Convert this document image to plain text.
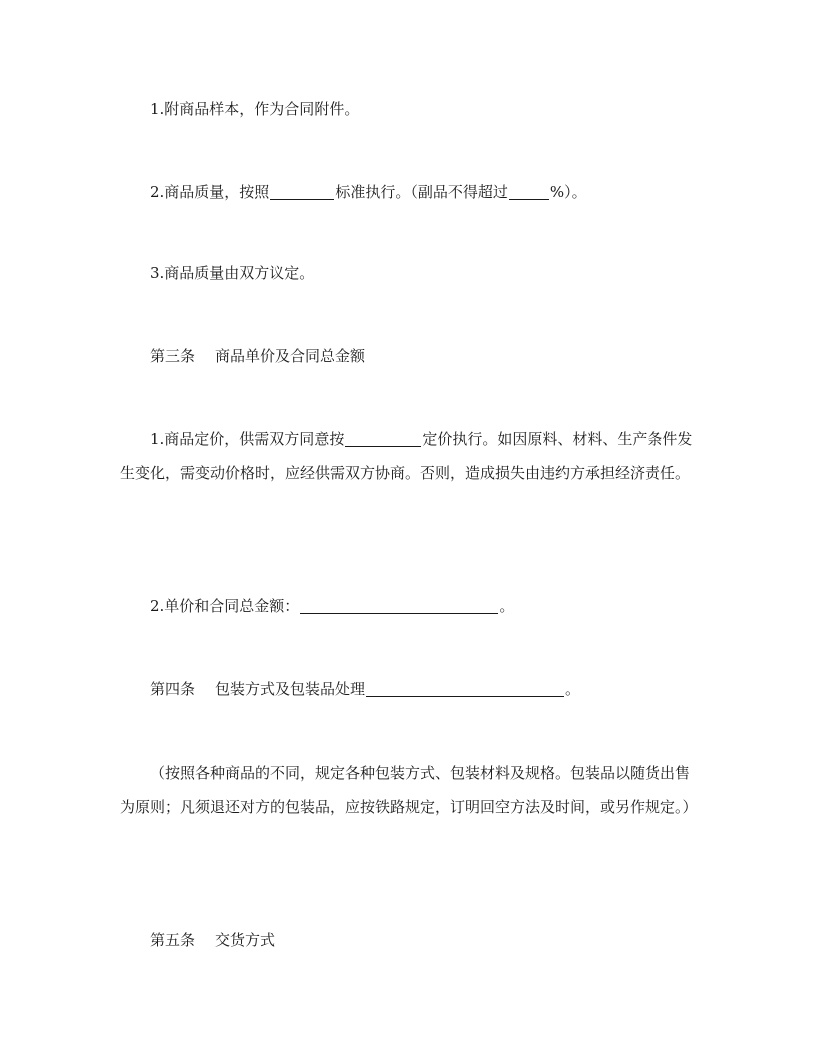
1.附商品样本，作为合同附件。

2.商品质量，按照	标准执行。（副品不得超过	%）。

3.商品质量由双方议定。

第三条 商品单价及合同总金额

1.商品定价，供需双方同意按	定价执行。如因原料、材料、生产条件发生变化，需变动价格时，应经供需双方协商。否则，造成损失由违约方承担经济责任。

2.单价和合同总金额：	。

第四条 包装方式及包装品处理	。

（按照各种商品的不同，规定各种包装方式、包装材料及规格。包装品以随货出售为原则；凡须退还对方的包装品，应按铁路规定，订明回空方法及时间，或另作规定。）

第五条 交货方式
